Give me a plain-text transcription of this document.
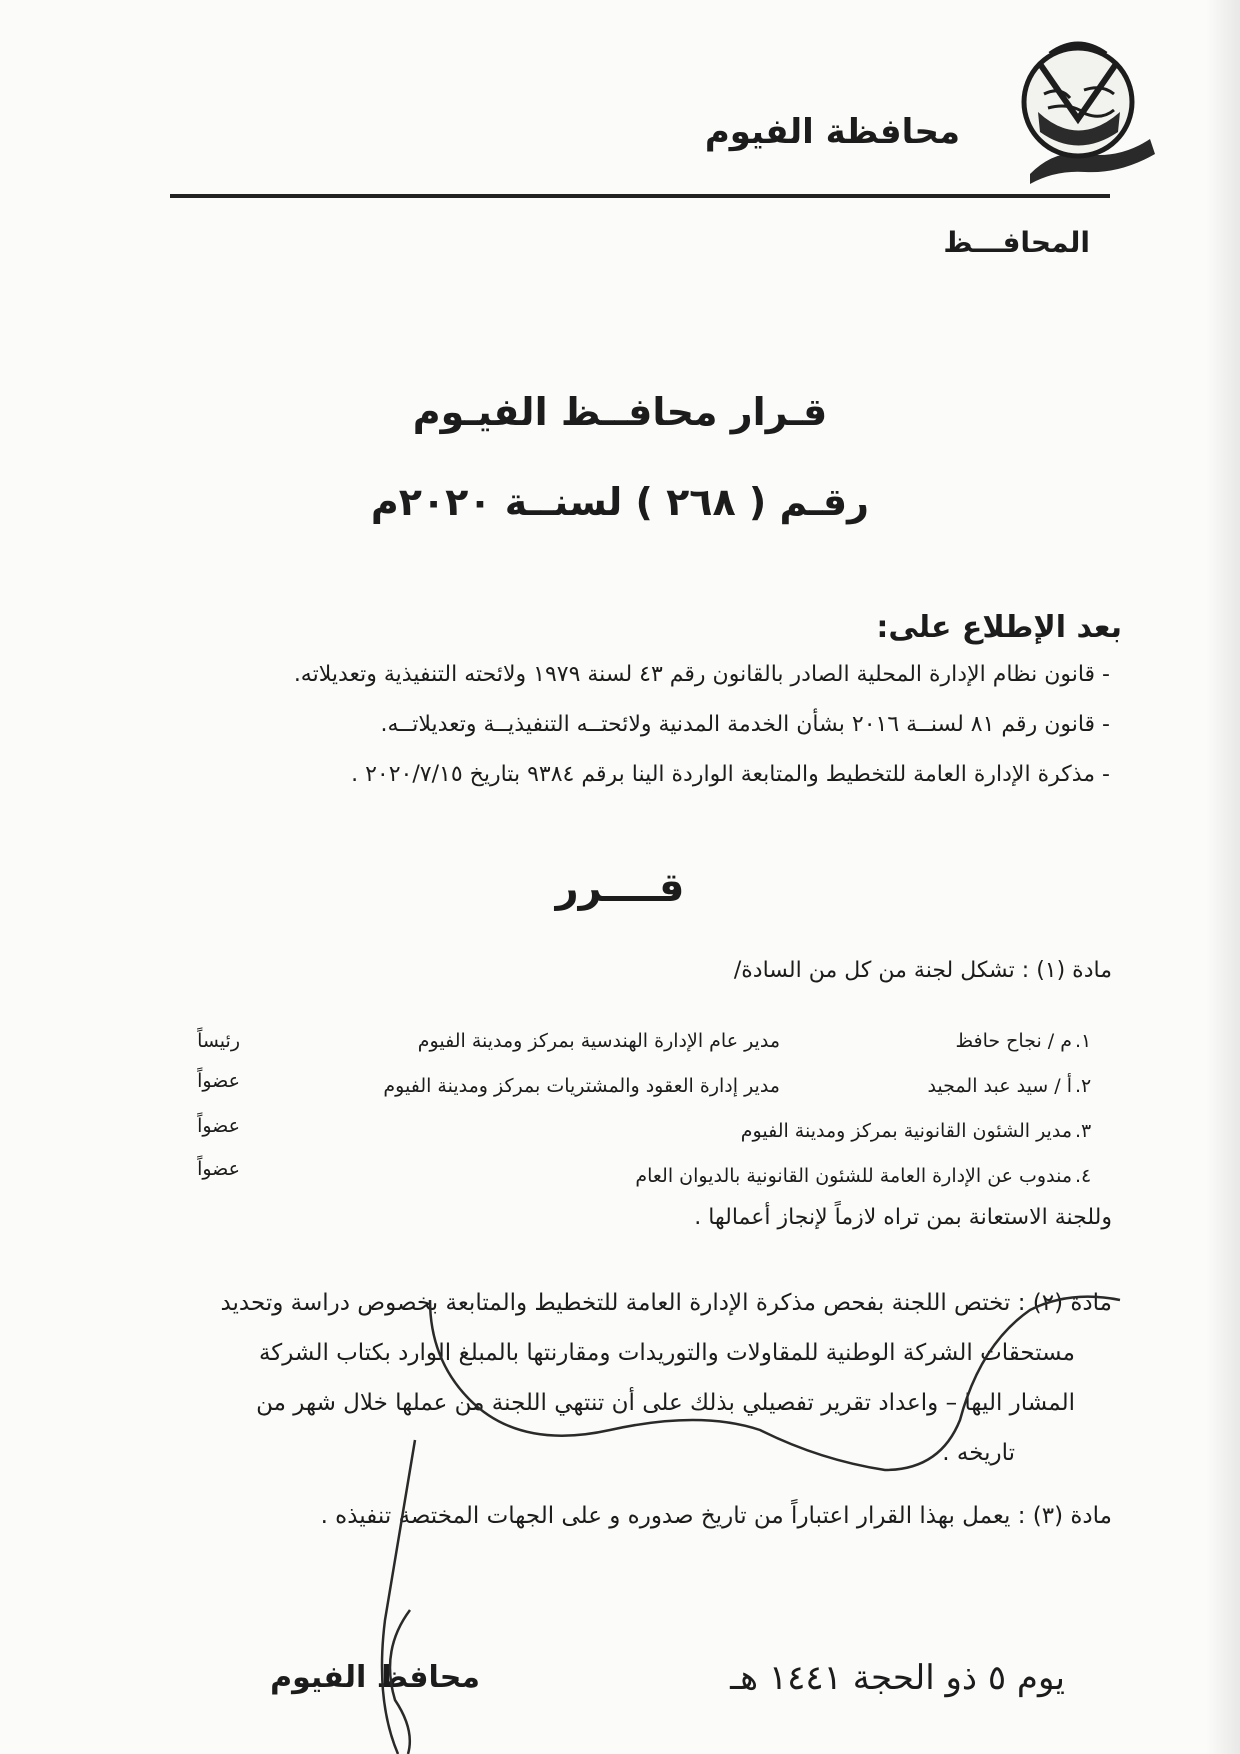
محافظة الفيوم
المحافـــظ
قـرار محافــظ الفيـوم
رقـم ( ٢٦٨ ) لسنــة ٢٠٢٠م
بعد الإطلاع على:
- قانون نظام الإدارة المحلية الصادر بالقانون رقم ٤٣ لسنة ١٩٧٩ ولائحته التنفيذية وتعديلاته.
- قانون رقم ٨١ لسنــة ٢٠١٦ بشأن الخدمة المدنية ولائحتــه التنفيذيــة وتعديلاتــه.
- مذكرة الإدارة العامة للتخطيط والمتابعة الواردة الينا برقم ٩٣٨٤ بتاريخ ٢٠٢٠/٧/١٥ .
قــــرر
مادة (١) : تشكل لجنة من كل من السادة/
١.
م / نجاح حافظ
مدير عام الإدارة الهندسية بمركز ومدينة الفيوم
رئيساً
٢.
أ / سيد عبد المجيد
مدير إدارة العقود والمشتريات بمركز ومدينة الفيوم
عضواً
٣.
مدير الشئون القانونية بمركز ومدينة الفيوم
عضواً
٤.
مندوب عن الإدارة العامة للشئون القانونية بالديوان العام
عضواً
وللجنة الاستعانة بمن تراه لازماً لإنجاز أعمالها .
مادة (٢) : تختص اللجنة بفحص مذكرة الإدارة العامة للتخطيط والمتابعة بخصوص دراسة وتحديد
مستحقات الشركة الوطنية للمقاولات والتوريدات ومقارنتها بالمبلغ الوارد بكتاب الشركة
المشار اليها – واعداد تقرير تفصيلي بذلك على أن تنتهي اللجنة من عملها خلال شهر من
تاريخه .
مادة (٣) : يعمل بهذا القرار اعتباراً من تاريخ صدوره و على الجهات المختصة تنفيذه .
يوم ٥ ذو الحجة ١٤٤١ هـ
محافظ الفيوم
